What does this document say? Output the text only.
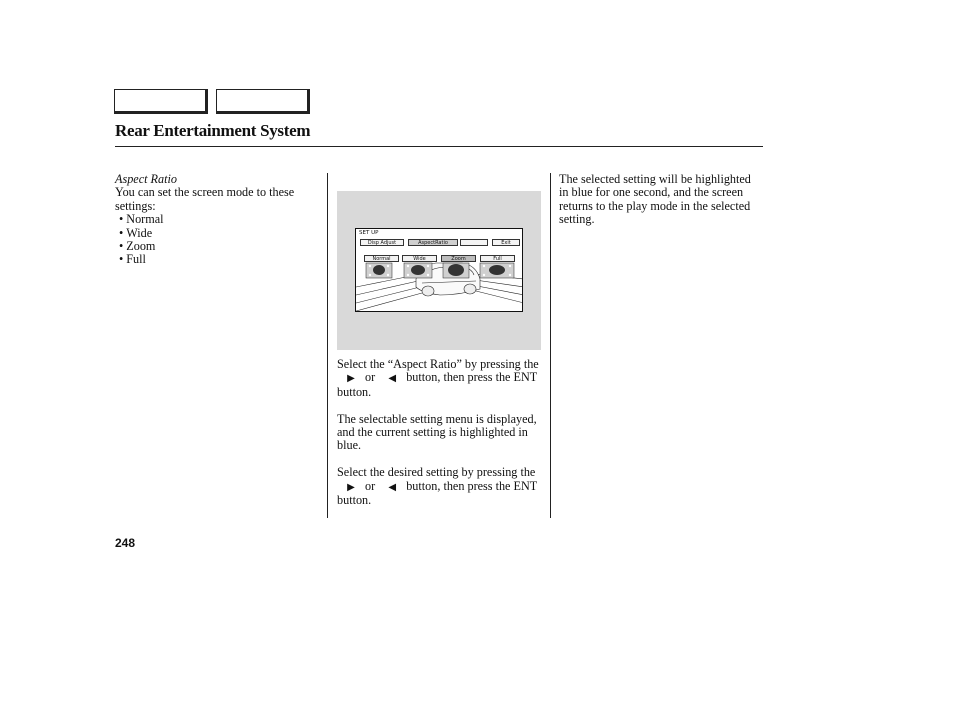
Rear Entertainment System
Aspect Ratio

You can set the screen mode to these settings:

• Normal
• Wide
• Zoom
• Full
SET UP
Disp Adjust	AspectRatio	Exit
Normal	Wide	Zoom	Full

Select the “Aspect Ratio” by pressing the ▶ or ◀ button, then press the ENT button.

The selectable setting menu is displayed, and the current setting is highlighted in blue.

Select the desired setting by pressing the ▶ or ◀ button, then press the ENT button.

The selected setting will be highlighted in blue for one second, and the screen returns to the play mode in the selected setting.

248
